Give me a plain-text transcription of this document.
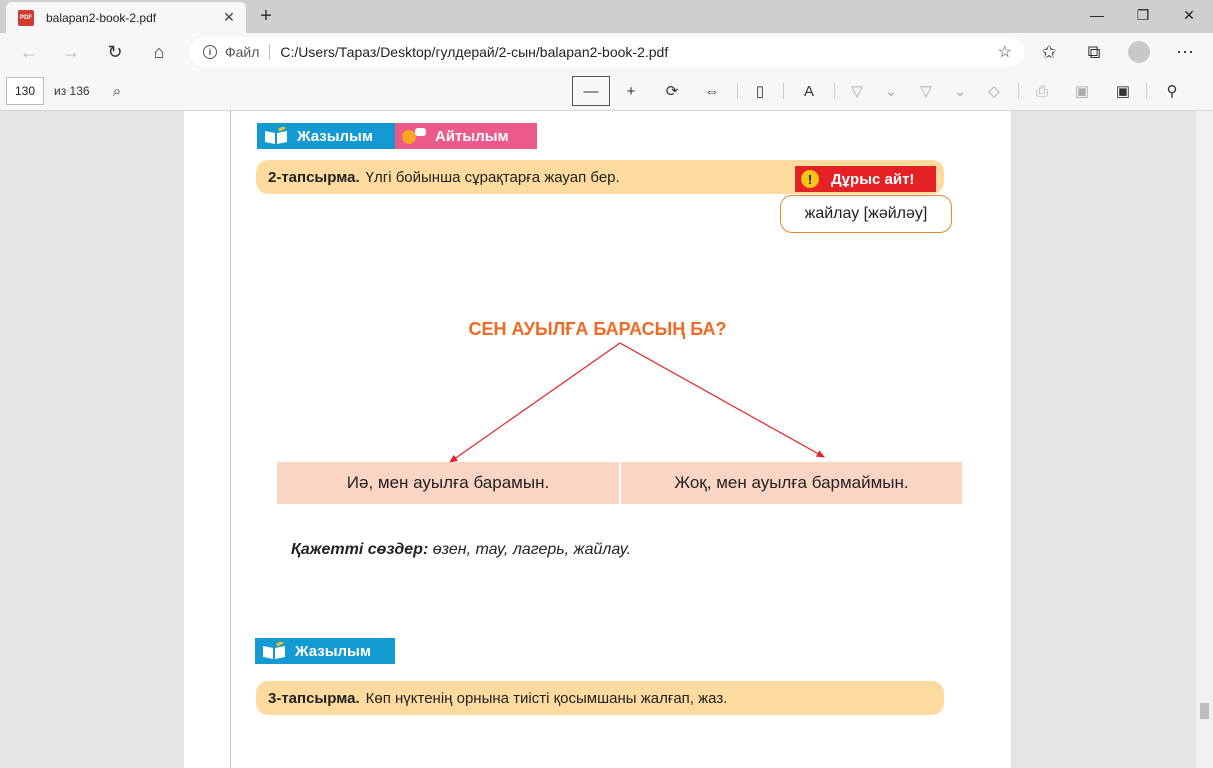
PDF balapan2-book-2.pdf	✕	+	—	❐	✕
←	→	↻	⌂	i Файл C:/Users/Тараз/Desktop/гулдерай/2-сын/balapan2-book-2.pdf	☆	✩	⧉	⋯
130	из 136	⌕	—	+	⟳	⇔	▯	A	▽	⌄	▽	⌄	◇	⎙	▣	▣	⚲
Жазылым	Айтылым
2-тапсырма. Үлгі бойынша сұрақтарға жауап бер.	!	Дұрыс айт!
жайлау [жәйләу]
СЕН АУЫЛҒА БАРАСЫҢ БА?
Иә, мен ауылға барамын.	Жоқ, мен ауылға бармаймын.
Қажетті сөздер: өзен, тау, лагерь, жайлау.
Жазылым
3-тапсырма. Көп нүктенің орнына тиісті қосымшаны жалғап, жаз.
